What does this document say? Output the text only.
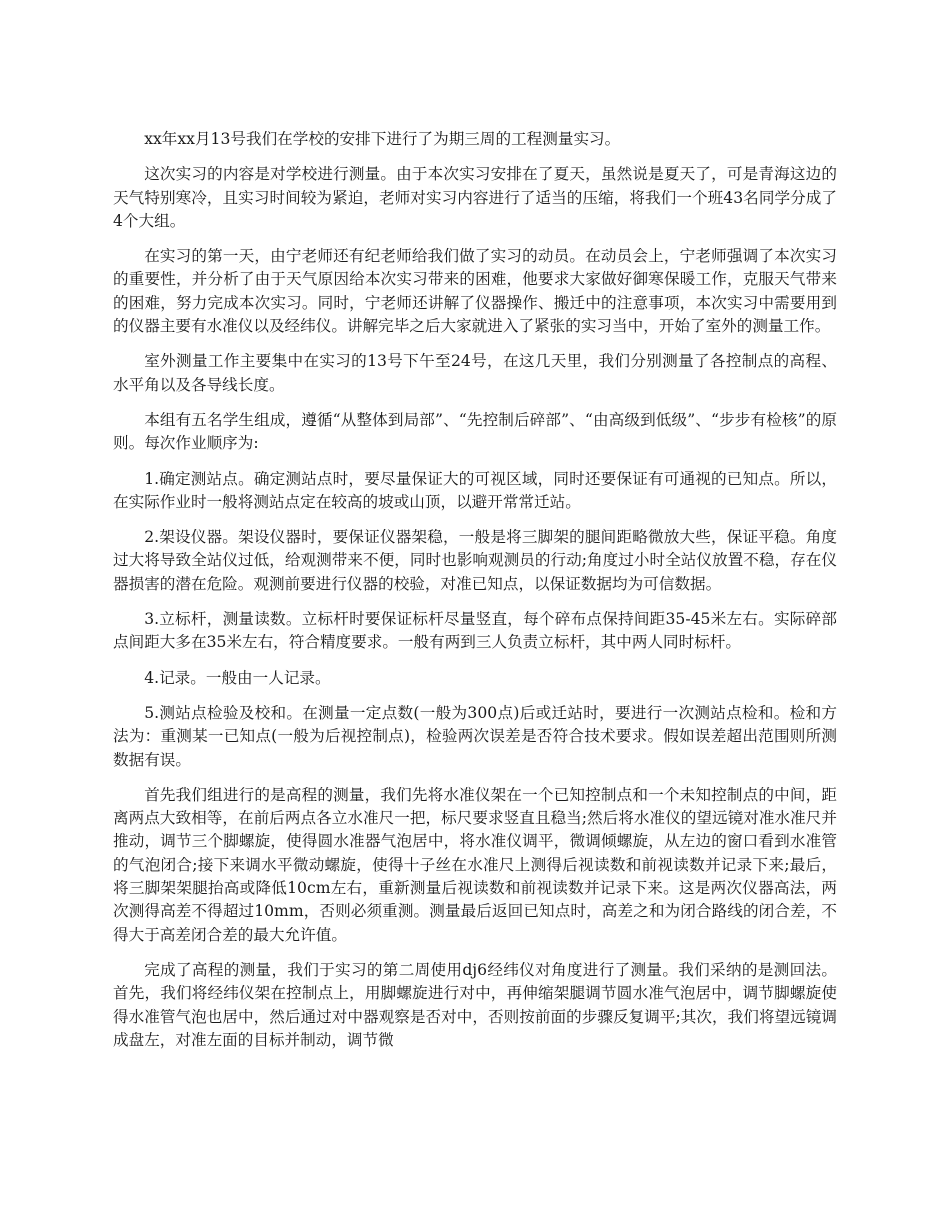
xx年xx月13号我们在学校的安排下进行了为期三周的工程测量实习。

这次实习的内容是对学校进行测量。由于本次实习安排在了夏天，虽然说是夏天了，可是青海这边的天气特别寒冷，且实习时间较为紧迫，老师对实习内容进行了适当的压缩，将我们一个班43名同学分成了4个大组。

在实习的第一天，由宁老师还有纪老师给我们做了实习的动员。在动员会上，宁老师强调了本次实习的重要性，并分析了由于天气原因给本次实习带来的困难，他要求大家做好御寒保暖工作，克服天气带来的困难，努力完成本次实习。同时，宁老师还讲解了仪器操作、搬迁中的注意事项，本次实习中需要用到的仪器主要有水准仪以及经纬仪。讲解完毕之后大家就进入了紧张的实习当中，开始了室外的测量工作。

室外测量工作主要集中在实习的13号下午至24号，在这几天里，我们分别测量了各控制点的高程、水平角以及各导线长度。

本组有五名学生组成，遵循“从整体到局部”、“先控制后碎部”、“由高级到低级”、“步步有检核”的原则。每次作业顺序为:

1.确定测站点。确定测站点时，要尽量保证大的可视区域，同时还要保证有可通视的已知点。所以，在实际作业时一般将测站点定在较高的坡或山顶，以避开常常迁站。

2.架设仪器。架设仪器时，要保证仪器架稳，一般是将三脚架的腿间距略微放大些，保证平稳。角度过大将导致全站仪过低，给观测带来不便，同时也影响观测员的行动;角度过小时全站仪放置不稳，存在仪器损害的潜在危险。观测前要进行仪器的校验，对准已知点，以保证数据均为可信数据。

3.立标杆，测量读数。立标杆时要保证标杆尽量竖直，每个碎布点保持间距35-45米左右。实际碎部点间距大多在35米左右，符合精度要求。一般有两到三人负责立标杆，其中两人同时标杆。

4.记录。一般由一人记录。

5.测站点检验及校和。在测量一定点数(一般为300点)后或迁站时，要进行一次测站点检和。检和方法为：重测某一已知点(一般为后视控制点)，检验两次误差是否符合技术要求。假如误差超出范围则所测数据有误。

首先我们组进行的是高程的测量，我们先将水准仪架在一个已知控制点和一个未知控制点的中间，距离两点大致相等，在前后两点各立水准尺一把，标尺要求竖直且稳当;然后将水准仪的望远镜对准水准尺并推动，调节三个脚螺旋，使得圆水准器气泡居中，将水准仪调平，微调倾螺旋，从左边的窗口看到水准管的气泡闭合;接下来调水平微动螺旋，使得十子丝在水准尺上测得后视读数和前视读数并记录下来;最后，将三脚架架腿抬高或降低10cm左右，重新测量后视读数和前视读数并记录下来。这是两次仪器高法，两次测得高差不得超过10mm，否则必须重测。测量最后返回已知点时，高差之和为闭合路线的闭合差，不得大于高差闭合差的最大允许值。

完成了高程的测量，我们于实习的第二周使用dj6经纬仪对角度进行了测量。我们采纳的是测回法。首先，我们将经纬仪架在控制点上，用脚螺旋进行对中，再伸缩架腿调节圆水准气泡居中，调节脚螺旋使得水准管气泡也居中，然后通过对中器观察是否对中，否则按前面的步骤反复调平;其次，我们将望远镜调成盘左，对准左面的目标并制动，调节微
